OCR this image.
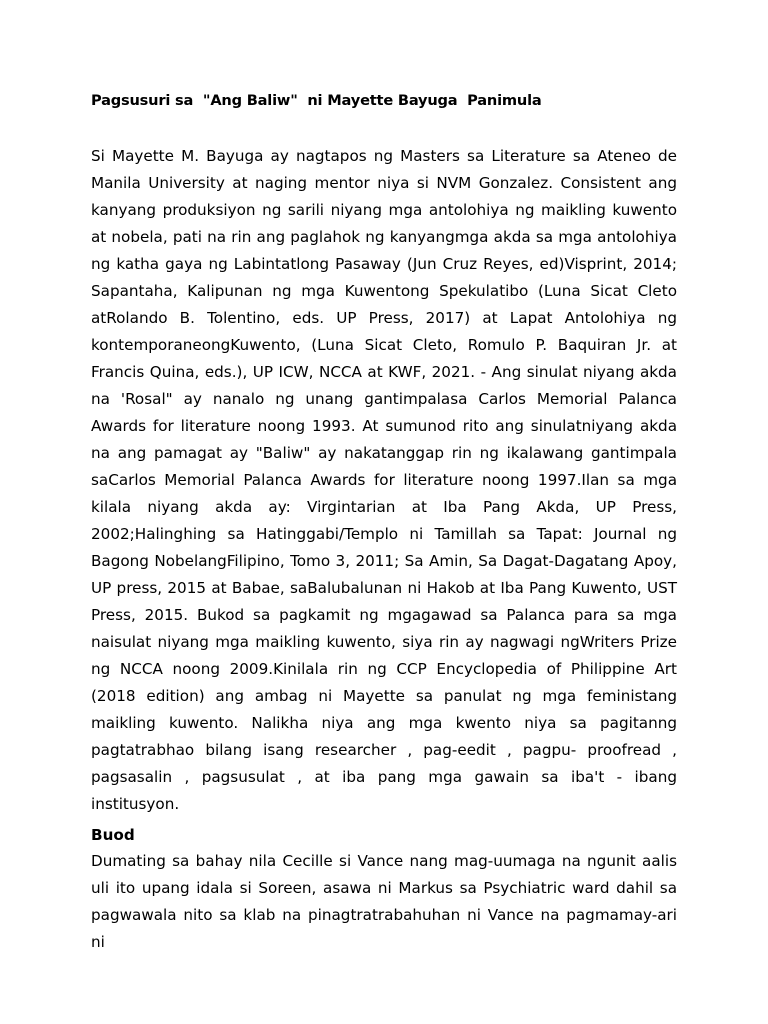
Pagsusuri sa  "Ang Baliw"  ni Mayette Bayuga  Panimula

Si Mayette M. Bayuga ay nagtapos ng Masters sa Literature sa Ateneo de Manila University at naging mentor niya si NVM Gonzalez. Consistent ang kanyang produksiyon ng sarili niyang mga antolohiya ng maikling kuwento at nobela, pati na rin ang paglahok ng kanyangmga akda sa mga antolohiya ng katha gaya ng Labintatlong Pasaway (Jun Cruz Reyes, ed)Visprint, 2014; Sapantaha, Kalipunan ng mga Kuwentong Spekulatibo (Luna Sicat Cleto atRolando B. Tolentino, eds. UP Press, 2017) at Lapat Antolohiya ng kontemporaneongKuwento, (Luna Sicat Cleto, Romulo P. Baquiran Jr. at Francis Quina, eds.), UP ICW, NCCA at KWF, 2021. - Ang sinulat niyang akda na 'Rosal" ay nanalo ng unang gantimpalasa Carlos Memorial Palanca Awards for literature noong 1993. At sumunod rito ang sinulatniyang akda na ang pamagat ay "Baliw" ay nakatanggap rin ng ikalawang gantimpala saCarlos Memorial Palanca Awards for literature noong 1997.Ilan sa mga kilala niyang akda ay: Virgintarian at Iba Pang Akda, UP Press, 2002;Halinghing sa Hatinggabi/Templo ni Tamillah sa Tapat: Journal ng Bagong NobelangFilipino, Tomo 3, 2011; Sa Amin, Sa Dagat-Dagatang Apoy, UP press, 2015 at Babae, saBalubalunan ni Hakob at Iba Pang Kuwento, UST Press, 2015. Bukod sa pagkamit ng mgagawad sa Palanca para sa mga naisulat niyang mga maikling kuwento, siya rin ay nagwagi ngWriters Prize ng NCCA noong 2009.Kinilala rin ng CCP Encyclopedia of Philippine Art (2018 edition) ang ambag ni Mayette sa panulat ng mga feministang maikling kuwento. Nalikha niya ang mga kwento niya sa pagitanng pagtatrabhao bilang isang researcher , pag-eedit , pagpu- proofread , pagsasalin , pagsusulat , at iba pang mga gawain sa iba't - ibang institusyon.

Buod

Dumating sa bahay nila Cecille si Vance nang mag-uumaga na ngunit aalis uli ito upang idala si Soreen, asawa ni Markus sa Psychiatric ward dahil sa pagwawala nito sa klab na pinagtratrabahuhan ni Vance na pagmamay-ari ni
